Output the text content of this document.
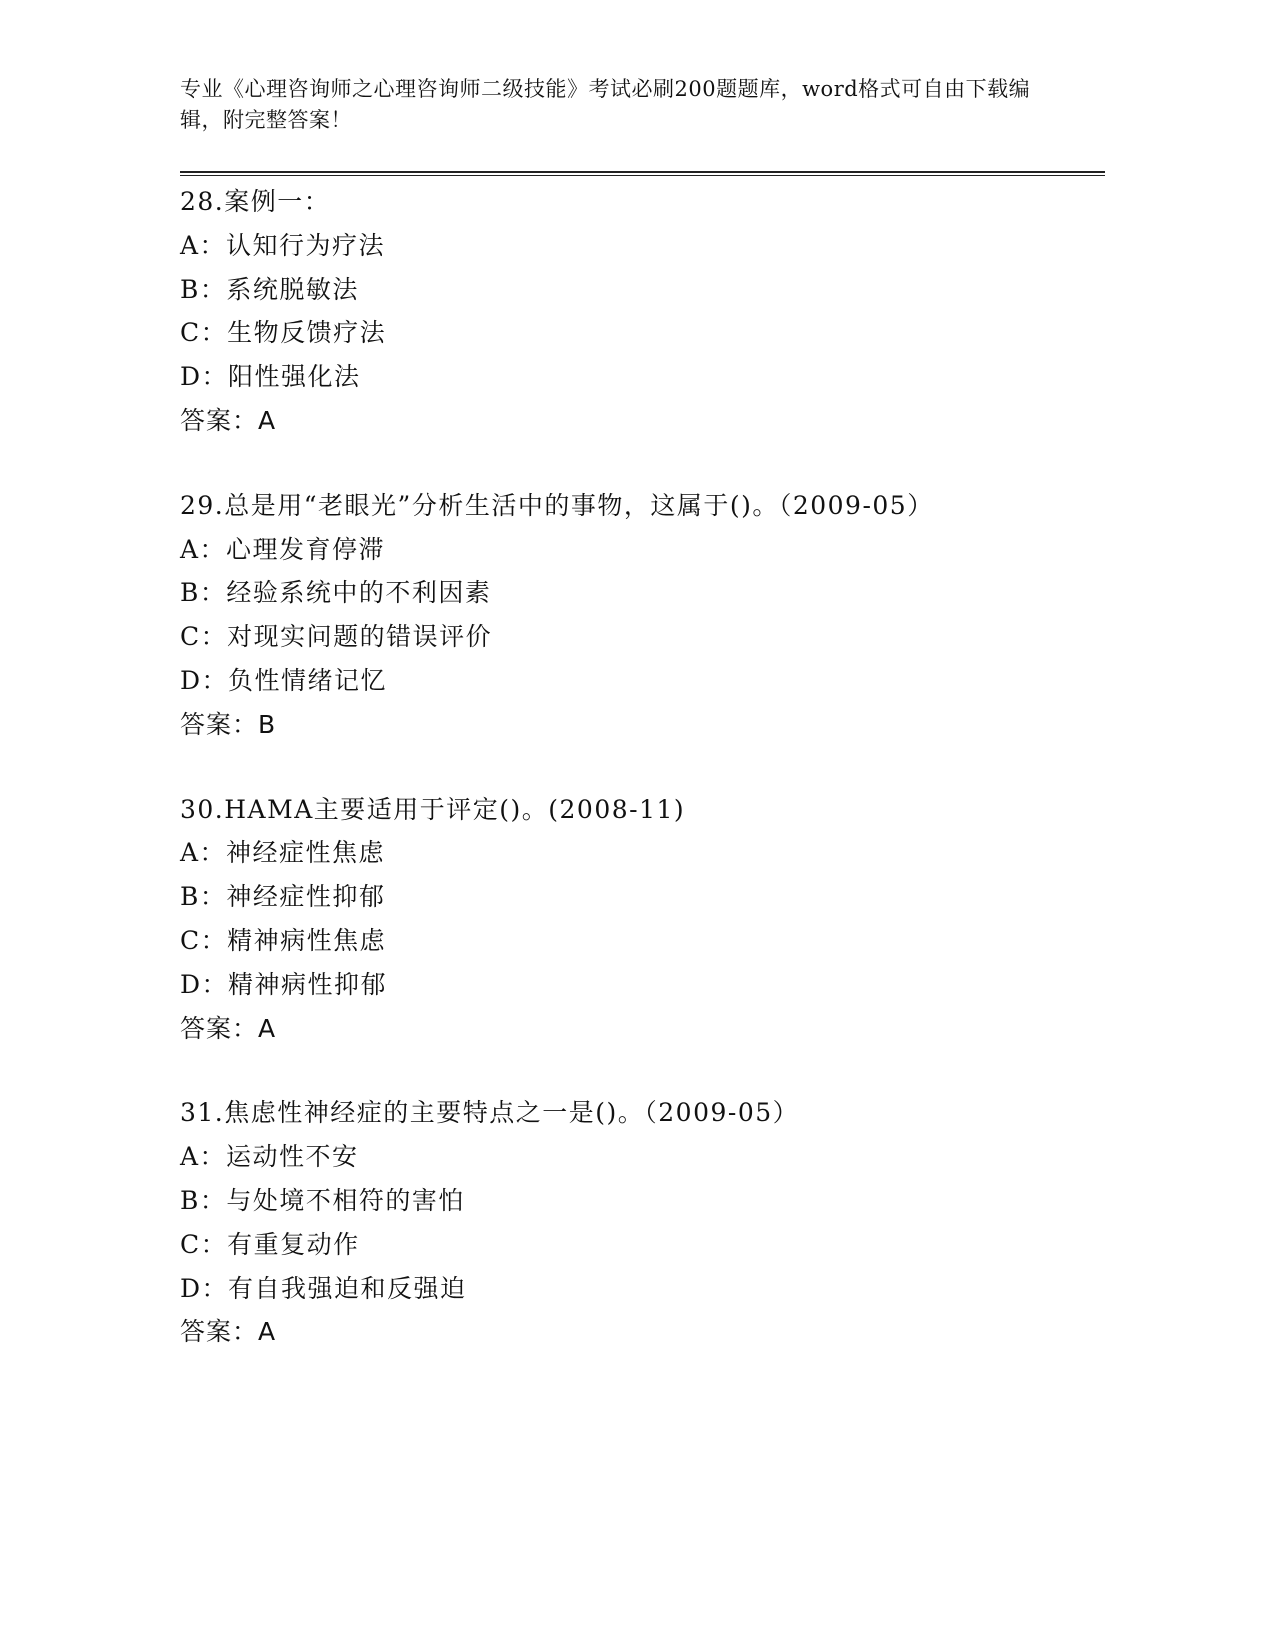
专业《心理咨询师之心理咨询师二级技能》考试必刷200题题库，word格式可自由下载编辑，附完整答案！
28.案例一：
A：认知行为疗法
B：系统脱敏法
C：生物反馈疗法
D：阳性强化法
答案：A
29.总是用“老眼光”分析生活中的事物，这属于()。（2009-05）
A：心理发育停滞
B：经验系统中的不利因素
C：对现实问题的错误评价
D：负性情绪记忆
答案：B
30.HAMA主要适用于评定()。(2008-11)
A：神经症性焦虑
B：神经症性抑郁
C：精神病性焦虑
D：精神病性抑郁
答案：A
31.焦虑性神经症的主要特点之一是()。（2009-05）
A：运动性不安
B：与处境不相符的害怕
C：有重复动作
D：有自我强迫和反强迫
答案：A
